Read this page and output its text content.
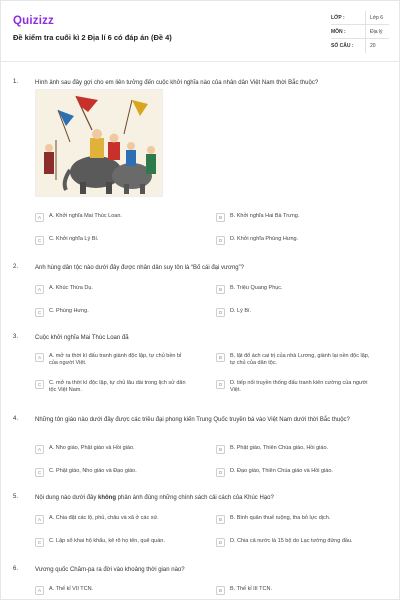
Quizizz
Đề kiểm tra cuối kì 2 Địa lí 6 có đáp án (Đề 4)
LỚP :	Lớp 6
MÔN :	Địa lý
SỐ CÂU :	20
1.	Hình ảnh sau đây gợi cho em liên tưởng đến cuộc khởi nghĩa nào của nhân dân Việt Nam thời Bắc thuộc?
A	A. Khởi nghĩa Mai Thúc Loan.	B	B. Khởi nghĩa Hai Bà Trưng.
C	C. Khởi nghĩa Lý Bí.	D	D. Khởi nghĩa Phùng Hưng.
2.	Anh hùng dân tộc nào dưới đây được nhân dân suy tôn là “Bố cái đại vương”?
A	A. Khúc Thừa Dụ.	B	B. Triệu Quang Phục.
C	C. Phùng Hưng.	D	D. Lý Bí.
3.	Cuộc khởi nghĩa Mai Thúc Loan đã
A	A. mở ra thời kì đấu tranh giành độc lập, tự chủ bền bỉ của người Việt.
B	B. lật đổ ách cai trị của nhà Lương, giành lại nền độc lập, tự chủ của dân tộc.
C	C. mở ra thời kì độc lập, tự chủ lâu dài trong lịch sử dân tộc Việt Nam.
D	D. tiếp nối truyền thống đấu tranh kiên cường của người Việt.
4.	Những tôn giáo nào dưới đây được các triều đại phong kiến Trung Quốc truyền bá vào Việt Nam dưới thời Bắc thuộc?
A	A. Nho giáo, Phật giáo và Hồi giáo.	B	B. Phật giáo, Thiên Chúa giáo, Hồi giáo.
C	C. Phật giáo, Nho giáo và Đạo giáo.	D	D. Đạo giáo, Thiên Chúa giáo và Hồi giáo.
5.	Nội dung nào dưới đây không phản ánh đúng những chính sách cải cách của Khúc Hạo?
A	A. Chia đặt các lộ, phủ, châu và xã ở các xứ.	B	B. Bình quân thuế ruộng, tha bỏ lực dịch.
C	C. Lập sổ khai hộ khẩu, kê rõ họ tên, quê quán.	D	D. Chia cả nước là 15 bộ do Lạc tướng đứng đầu.
6.	Vương quốc Chăm-pa ra đời vào khoảng thời gian nào?
A	A. Thế kỉ VII TCN.	B	B. Thế kỉ III TCN.
